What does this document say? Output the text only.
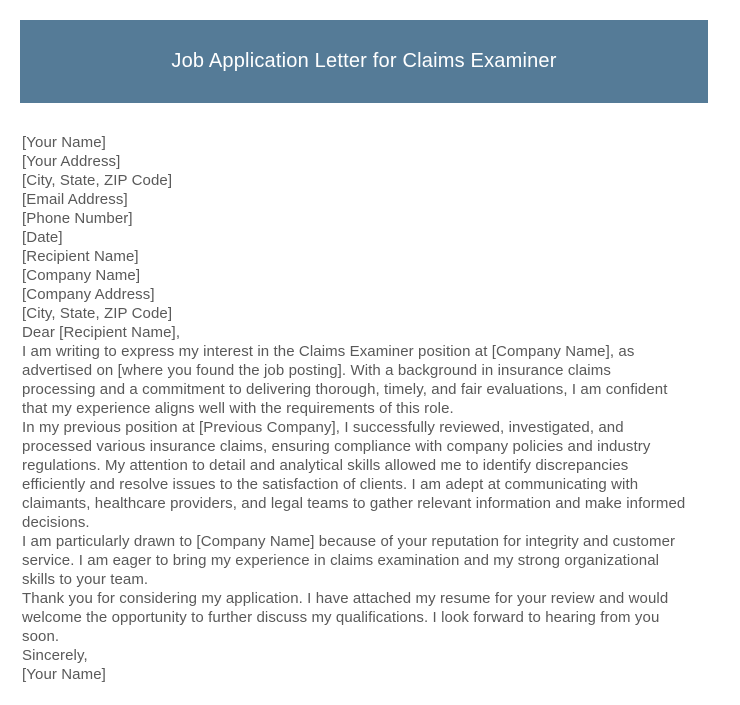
Job Application Letter for Claims Examiner
[Your Name]
[Your Address]
[City, State, ZIP Code]
[Email Address]
[Phone Number]
[Date]
[Recipient Name]
[Company Name]
[Company Address]
[City, State, ZIP Code]
Dear [Recipient Name],
I am writing to express my interest in the Claims Examiner position at [Company Name], as
advertised on [where you found the job posting]. With a background in insurance claims
processing and a commitment to delivering thorough, timely, and fair evaluations, I am confident
that my experience aligns well with the requirements of this role.
In my previous position at [Previous Company], I successfully reviewed, investigated, and
processed various insurance claims, ensuring compliance with company policies and industry
regulations. My attention to detail and analytical skills allowed me to identify discrepancies
efficiently and resolve issues to the satisfaction of clients. I am adept at communicating with
claimants, healthcare providers, and legal teams to gather relevant information and make informed
decisions.
I am particularly drawn to [Company Name] because of your reputation for integrity and customer
service. I am eager to bring my experience in claims examination and my strong organizational
skills to your team.
Thank you for considering my application. I have attached my resume for your review and would
welcome the opportunity to further discuss my qualifications. I look forward to hearing from you
soon.
Sincerely,
[Your Name]
